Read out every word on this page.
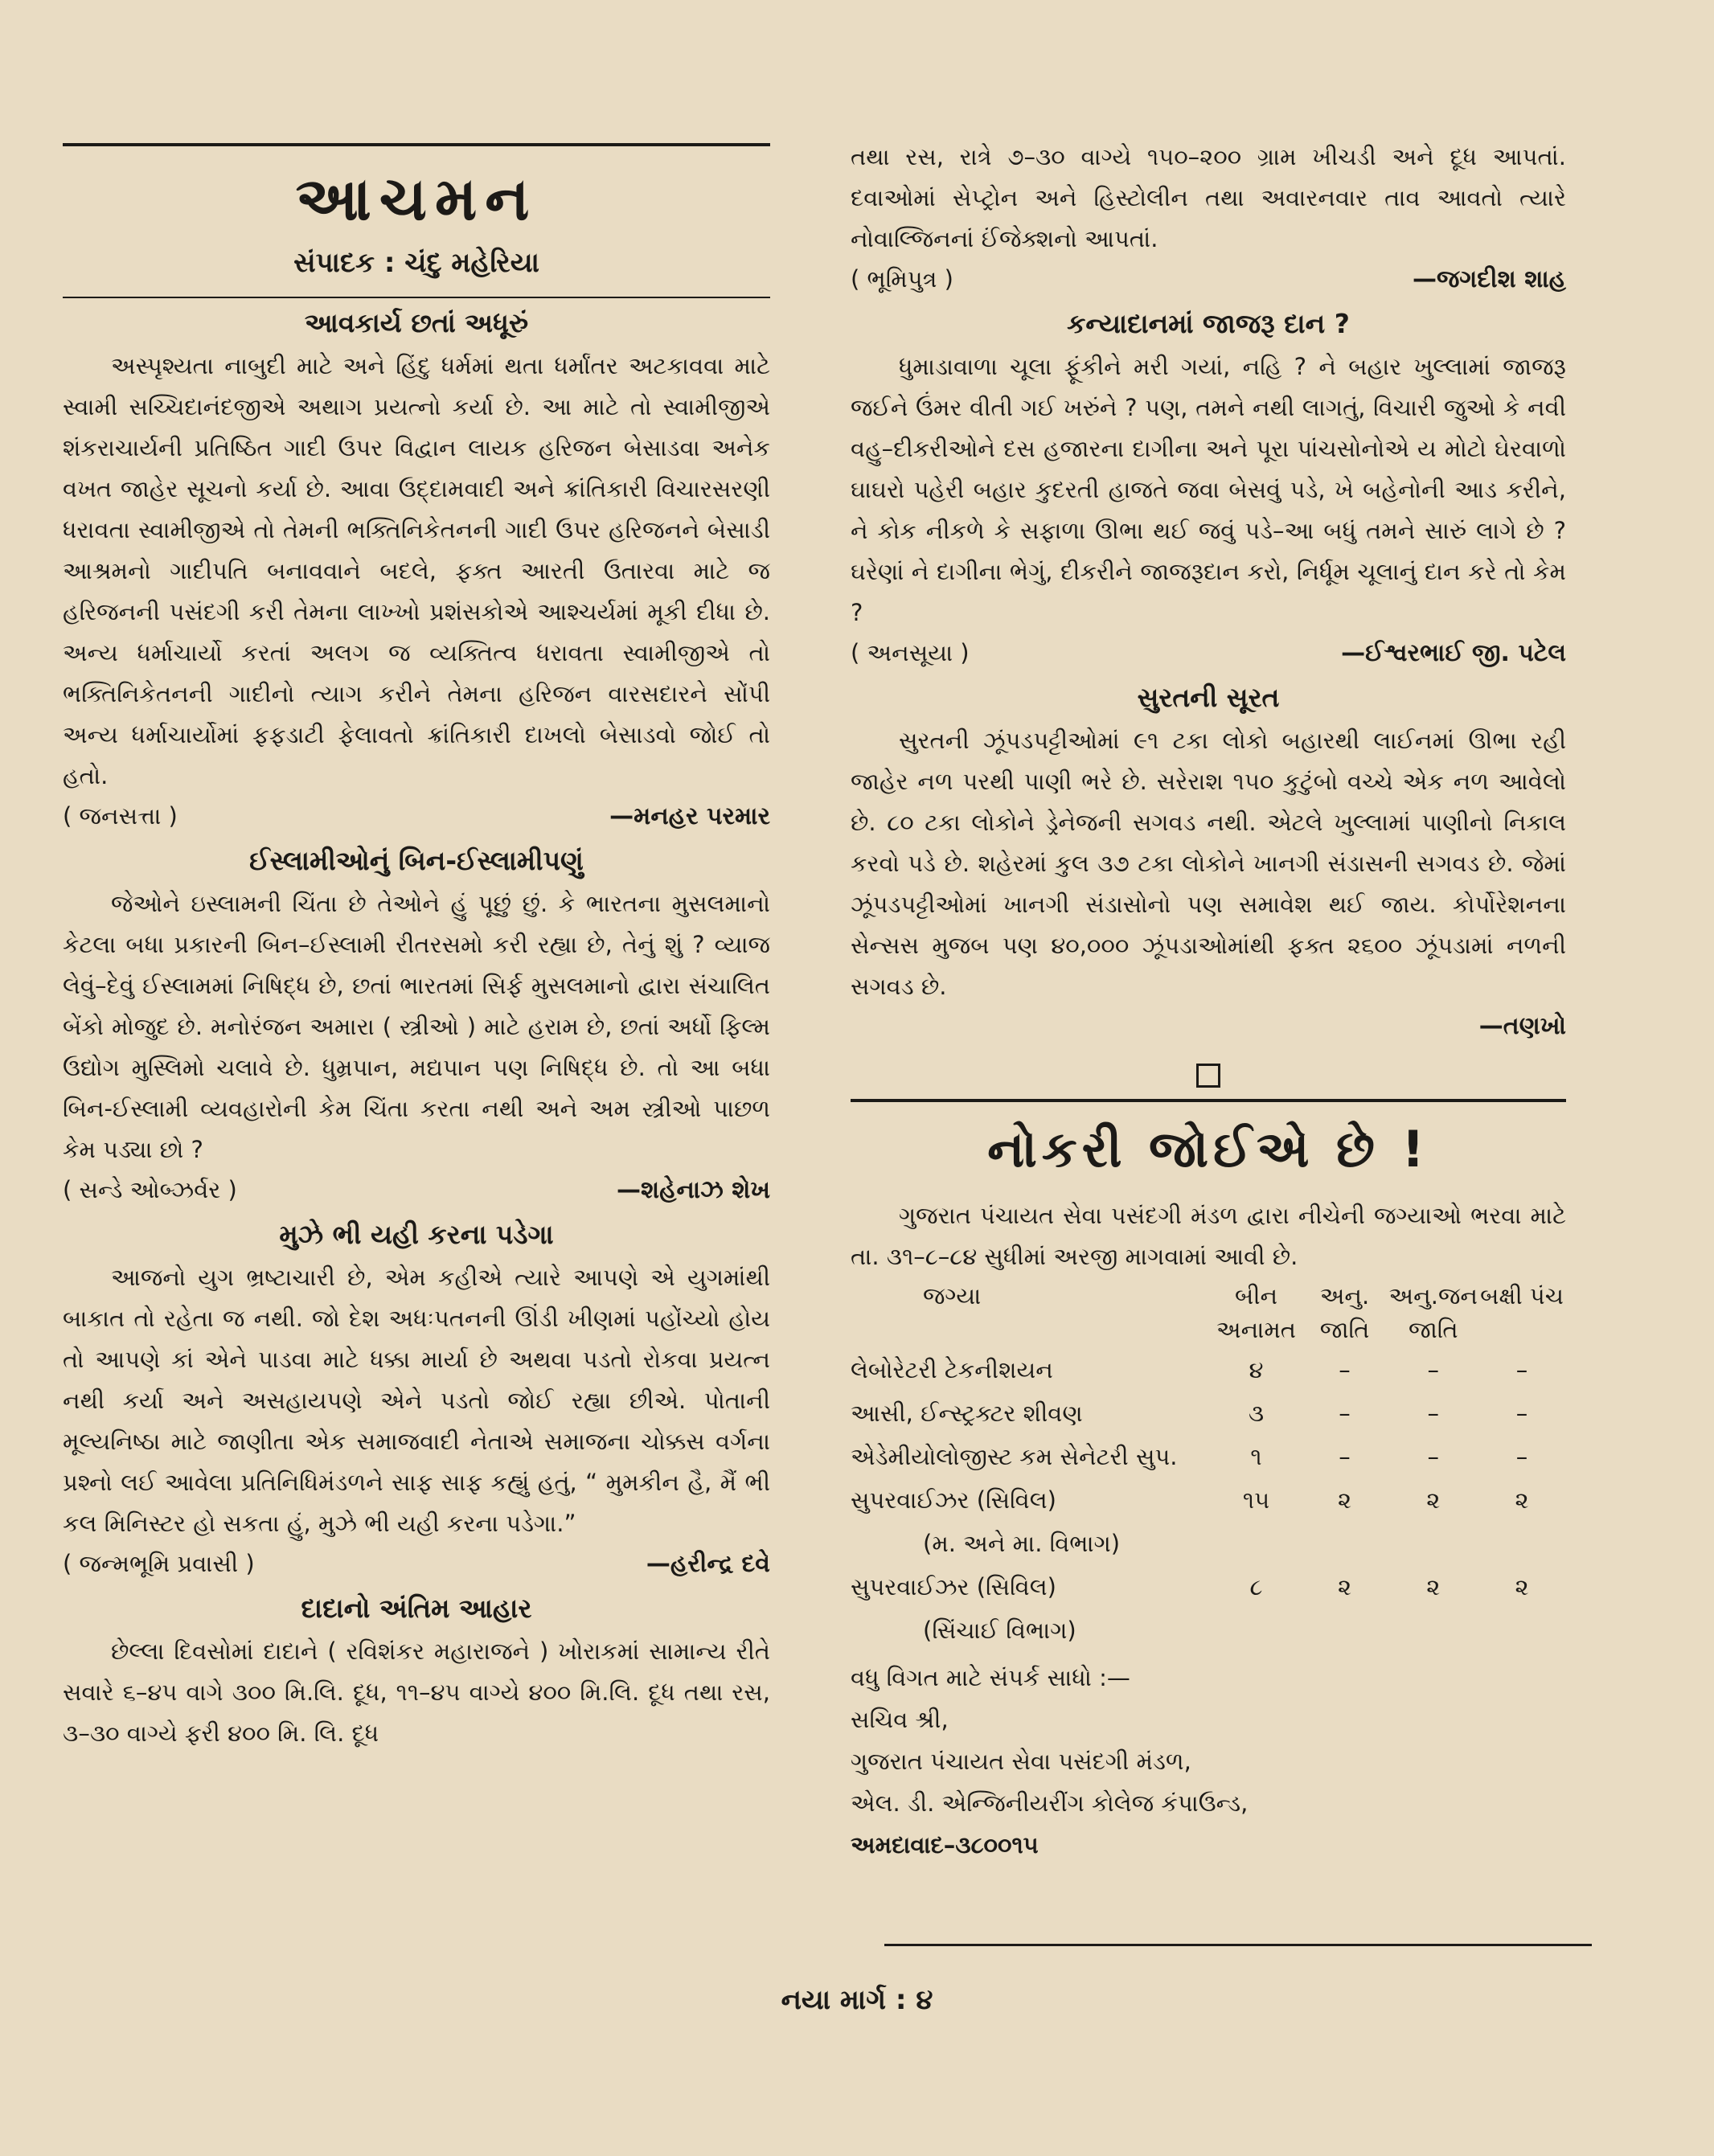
આચમન
સંપાદક : ચંદુ મહેરિયા
આવકાર્ય છતાં અધૂરું

અસ્પૃશ્યતા નાબુદી માટે અને હિંદુ ધર્મમાં થતા ધર્માંતર અટકાવવા માટે સ્વામી સચ્ચિદાનંદજીએ અથાગ પ્રયત્નો કર્યા છે. આ માટે તો સ્વામીજીએ શંકરાચાર્યની પ્રતિષ્ઠિત ગાદી ઉપર વિદ્વાન લાયક હરિજન બેસાડવા અનેક વખત જાહેર સૂચનો કર્યા છે. આવા ઉદ્દામવાદી અને ક્રાંતિકારી વિચારસરણી ધરાવતા સ્વામીજીએ તો તેમની ભક્તિનિકેતનની ગાદી ઉપર હરિજનને બેસાડી આશ્રમનો ગાદીપતિ બનાવવાને બદલે, ફક્ત આરતી ઉતારવા માટે જ હરિજનની પસંદગી કરી તેમના લાખ્ખો પ્રશંસકોએ આશ્ચર્યમાં મૂકી દીધા છે. અન્ય ધર્માચાર્યો કરતાં અલગ જ વ્યક્તિત્વ ધરાવતા સ્વામીજીએ તો ભક્તિનિકેતનની ગાદીનો ત્યાગ કરીને તેમના હરિજન વારસદારને સોંપી અન્ય ધર્માચાર્યોમાં ફફડાટી ફેલાવતો ક્રાંતિકારી દાખલો બેસાડવો જોઈ તો હતો.

( જનસત્તા )	—મનહર પરમાર
ઈસ્લામીઓનું બિન-ઈસ્લામીપણું

જેઓને ઇસ્લામની ચિંતા છે તેઓને હું પૂછું છું. કે ભારતના મુસલમાનો કેટલા બધા પ્રકારની બિન–ઈસ્લામી રીતરસમો કરી રહ્યા છે, તેનું શું ? વ્યાજ લેવું–દેવું ઈસ્લામમાં નિષિદ્ધ છે, છતાં ભારતમાં સિર્ફ મુસલમાનો દ્વારા સંચાલિત બેંકો મોજુદ છે. મનોરંજન અમારા ( સ્ત્રીઓ ) માટે હરામ છે, છતાં અર્ધો ફિલ્મ ઉદ્યોગ મુસ્લિમો ચલાવે છે. ધુમ્રપાન, મદ્યપાન પણ નિષિદ્ધ છે. તો આ બધા બિન-ઈસ્લામી વ્યવહારોની કેમ ચિંતા કરતા નથી અને અમ સ્ત્રીઓ પાછળ કેમ પડ્યા છો ?

( સન્ડે ઓબ્ઝર્વર )	—શહેનાઝ શેખ
મુઝે ભી યહી કરના પડેગા

આજનો યુગ ભ્રષ્ટાચારી છે, એમ કહીએ ત્યારે આપણે એ યુગમાંથી બાકાત તો રહેતા જ નથી. જો દેશ અધઃપતનની ઊંડી ખીણમાં પહોંચ્યો હોય તો આપણે કાં એને પાડવા માટે ધક્કા માર્યા છે અથવા પડતો રોકવા પ્રયત્ન નથી કર્યા અને અસહાયપણે એને પડતો જોઈ રહ્યા છીએ. પોતાની મૂલ્યનિષ્ઠા માટે જાણીતા એક સમાજવાદી નેતાએ સમાજના ચોક્કસ વર્ગના પ્રશ્નો લઈ આવેલા પ્રતિનિધિમંડળને સાફ સાફ કહ્યું હતું, “ મુમકીન હૈ, મૈં ભી કલ મિનિસ્ટર હો સકતા હું, મુઝે ભી યહી કરના પડેગા.”

( જન્મભૂમિ પ્રવાસી )	—હરીન્દ્ર દવે
દાદાનો અંતિમ આહાર

છેલ્લા દિવસોમાં દાદાને ( રવિશંકર મહારાજને ) ખોરાકમાં સામાન્ય રીતે સવારે ૬–૪૫ વાગે ૩૦૦ મિ.લિ. દૂધ, ૧૧–૪૫ વાગ્યે ૪૦૦ મિ.લિ. દૂધ તથા રસ, ૩–૩૦ વાગ્યે ફરી ૪૦૦ મિ. લિ. દૂધ

તથા રસ, રાત્રે ૭–૩૦ વાગ્યે ૧૫૦–૨૦૦ ગ્રામ ખીચડી અને દૂધ આપતાં. દવાઓમાં સેપ્ટ્રોન અને હિસ્ટોલીન તથા અવારનવાર તાવ આવતો ત્યારે નોવાલ્જિનનાં ઈંજેક્શનો આપતાં.

( ભૂમિપુત્ર )	—જગદીશ શાહ
કન્યાદાનમાં જાજરૂ દાન ?

ધુમાડાવાળા ચૂલા ફૂંકીને મરી ગયાં, નહિ ? ને બહાર ખુલ્લામાં જાજરૂ જઈને ઉંમર વીતી ગઈ ખરુંને ? પણ, તમને નથી લાગતું, વિચારી જુઓ કે નવી વહુ–દીકરીઓને દસ હજારના દાગીના અને પૂરા પાંચસોનોએ ય મોટો ઘેરવાળો ઘાઘરો પહેરી બહાર કુદરતી હાજતે જવા બેસવું પડે, ખે બહેનોની આડ કરીને, ને કોક નીકળે કે સફાળા ઊભા થઈ જવું પડે–આ બધું તમને સારું લાગે છે ? ઘરેણાં ને દાગીના ભેગું, દીકરીને જાજરૂદાન કરો, નિર્ધૂમ ચૂલાનું દાન કરે તો કેમ ?

( અનસૂયા )	—ઈશ્વરભાઈ જી. પટેલ
સુરતની સૂરત

સુરતની ઝૂંપડપટ્ટીઓમાં ૯૧ ટકા લોકો બહારથી લાઈનમાં ઊભા રહી જાહેર નળ પરથી પાણી ભરે છે. સરેરાશ ૧૫૦ કુટુંબો વચ્ચે એક નળ આવેલો છે. ૮૦ ટકા લોકોને ડ્રેનેજની સગવડ નથી. એટલે ખુલ્લામાં પાણીનો નિકાલ કરવો પડે છે. શહેરમાં કુલ ૩૭ ટકા લોકોને ખાનગી સંડાસની સગવડ છે. જેમાં ઝૂંપડપટ્ટીઓમાં ખાનગી સંડાસોનો પણ સમાવેશ થઈ જાય. કોર્પોરેશનના સેન્સસ મુજબ પણ ૪૦,૦૦૦ ઝૂંપડાઓમાંથી ફક્ત ૨૬૦૦ ઝૂંપડામાં નળની સગવડ છે.

—તણખો
નોકરી જોઈએ છે !

ગુજરાત પંચાયત સેવા પસંદગી મંડળ દ્વારા નીચેની જગ્યાઓ ભરવા માટે તા. ૩૧–૮–૮૪ સુધીમાં અરજી માગવામાં આવી છે.

જગ્યા	બીન અનામત	અનુ. જાતિ	અનુ.જન જાતિ	બક્ષી પંચ
લેબોરેટરી ટેકનીશયન	૪	–	–	–
આસી, ઈન્સ્ટ્રક્ટર શીવણ	૩	–	–	–
એડેમીયોલોજીસ્ટ કમ સેનેટરી સુપ.	૧	–	–	–
સુપરવાઈઝર (સિવિલ)	૧૫	૨	૨	૨
(મ. અને મા. વિભાગ)				
સુપરવાઈઝર (સિવિલ)	૮	૨	૨	૨
(સિંચાઈ વિભાગ)				
વધુ વિગત માટે સંપર્ક સાધો :—
સચિવ શ્રી,
ગુજરાત પંચાયત સેવા પસંદગી મંડળ,
એલ. ડી. એન્જિનીયરીંગ કોલેજ કંપાઉન્ડ,
અમદાવાદ–૩૮૦૦૧૫
નયા માર્ગ : ૪
